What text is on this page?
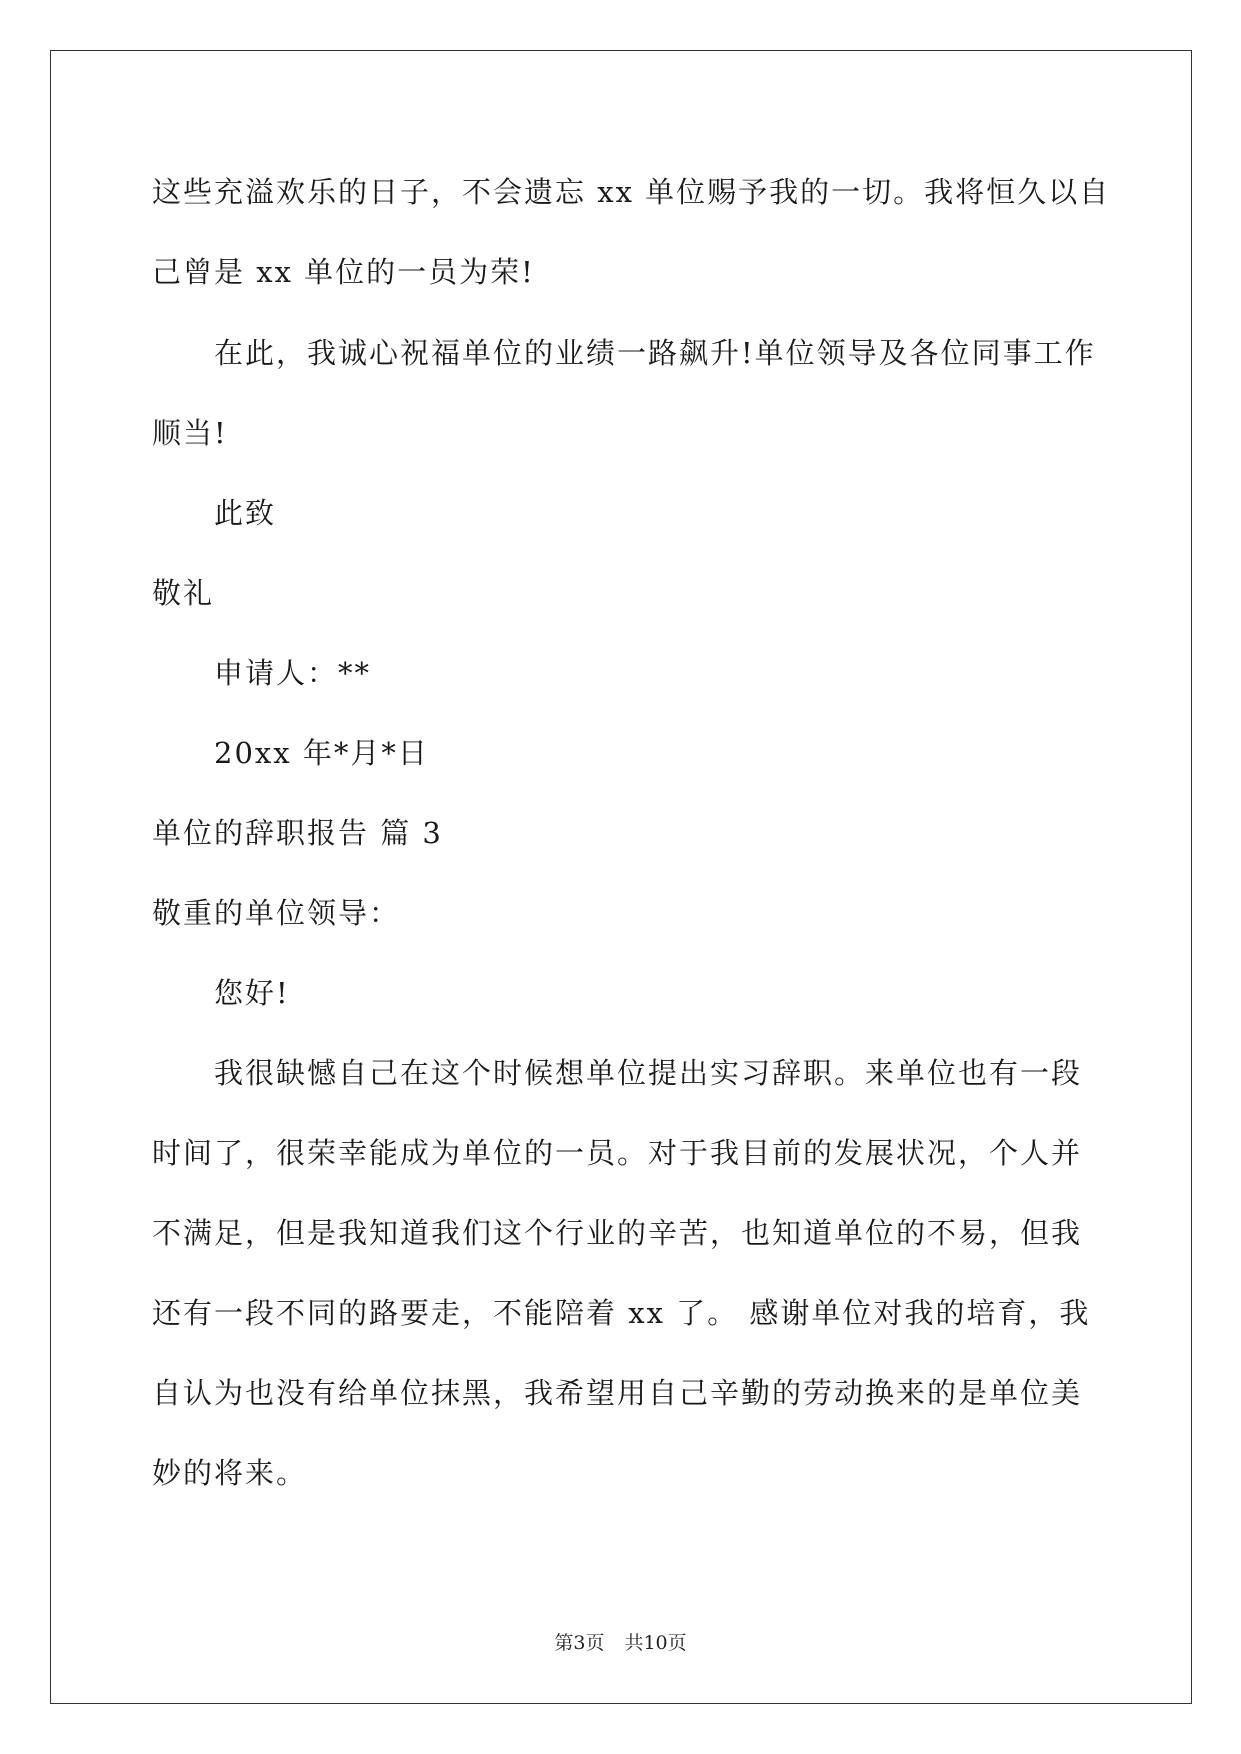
这些充溢欢乐的日子，不会遗忘 xx 单位赐予我的一切。我将恒久以自
己曾是 xx 单位的一员为荣!
在此，我诚心祝福单位的业绩一路飙升!单位领导及各位同事工作
顺当!
此致
敬礼
申请人：**
20xx 年*月*日
单位的辞职报告 篇 3
敬重的单位领导：
您好!
我很缺憾自己在这个时候想单位提出实习辞职。来单位也有一段
时间了，很荣幸能成为单位的一员。对于我目前的发展状况，个人并
不满足，但是我知道我们这个行业的辛苦，也知道单位的不易，但我
还有一段不同的路要走，不能陪着 xx 了。 感谢单位对我的培育，我
自认为也没有给单位抹黑，我希望用自己辛勤的劳动换来的是单位美
妙的将来。
第3页 共10页
